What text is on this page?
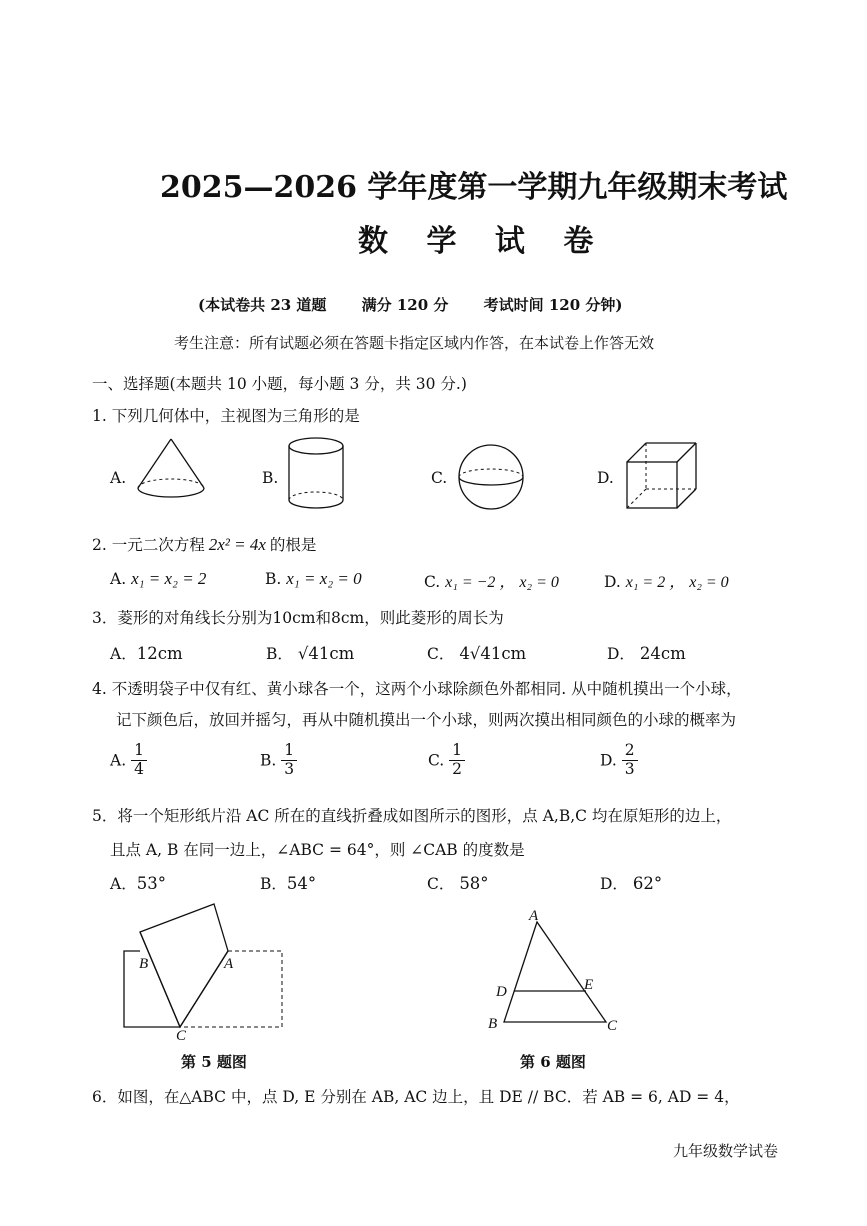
2025—2026 学年度第一学期九年级期末考试
数 学 试 卷
(本试卷共 23 道题 　　满分 120 分 　　考试时间 120 分钟)
考生注意：所有试题必须在答题卡指定区域内作答，在本试卷上作答无效
一、选择题(本题共 10 小题，每小题 3 分，共 30 分.)
1. 下列几何体中，主视图为三角形的是
A.	B.	C.	D.
2. 一元二次方程 2x² = 4x 的根是
A. x₁ = x₂ = 2	B. x₁ = x₂ = 0	C. x₁ = −2 ， x₂ = 0	D. x₁ = 2 ， x₂ = 0
3．菱形的对角线长分别为10cm和8cm，则此菱形的周长为
A．12cm	B． √41cm	C． 4√41cm	D． 24cm
4. 不透明袋子中仅有红、黄小球各一个，这两个小球除颜色外都相同. 从中随机摸出一个小球，
记下颜色后，放回并摇匀，再从中随机摸出一个小球，则两次摸出相同颜色的小球的概率为
A. $\frac{1}{4}$	B. $\frac{1}{3}$	C. $\frac{1}{2}$	D. $\frac{2}{3}$
5．将一个矩形纸片沿 AC 所在的直线折叠成如图所示的图形，点 A,B,C 均在原矩形的边上，
且点 A, B 在同一边上，∠ABC = 64°，则 ∠CAB 的度数是
A．53°	B．54°	C． 58°	D． 62°
B	A
C
第 5 题图
A
D	E
B	C
第 6 题图
6．如图，在△ABC 中，点 D, E 分别在 AB, AC 边上，且 DE // BC．若 AB = 6, AD = 4，
九年级数学试卷
